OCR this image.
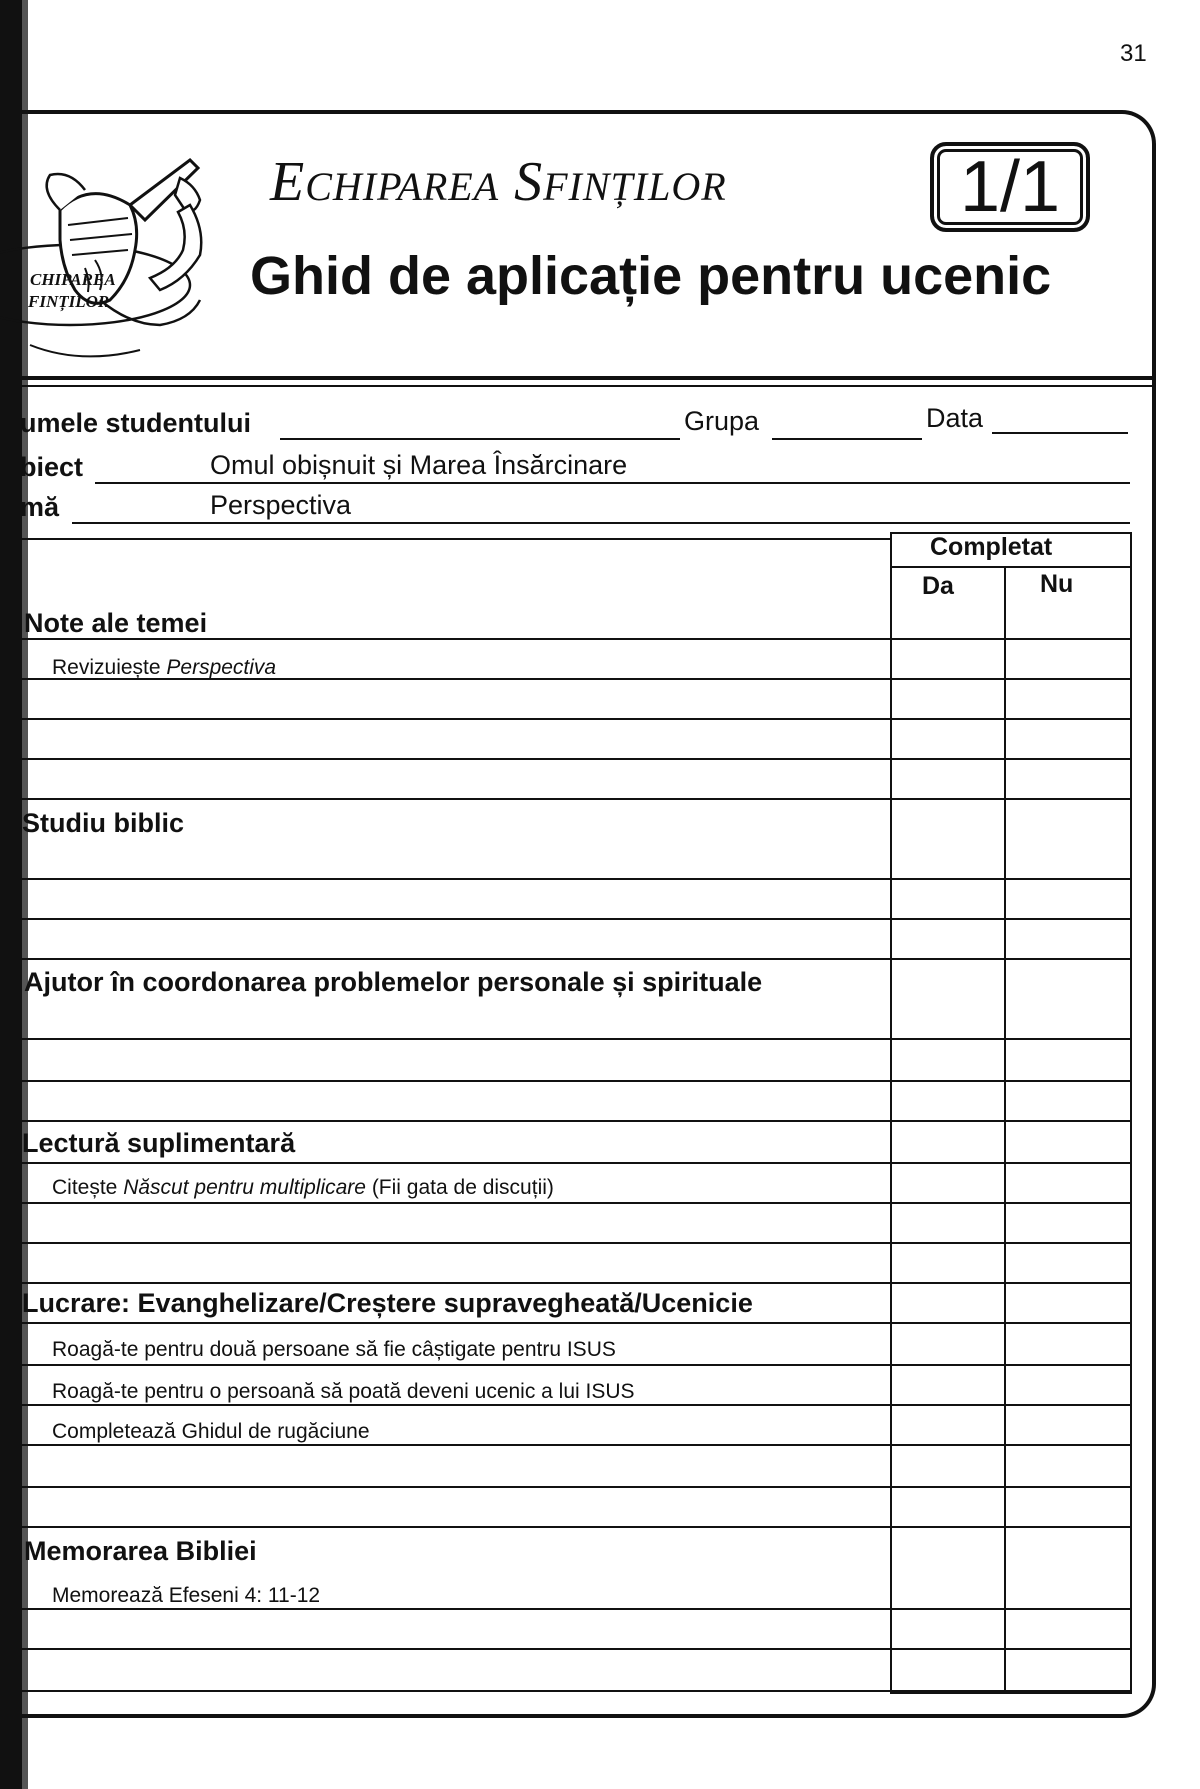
31
CHIPAREA
FINȚILOR
ECHIPAREA SFINȚILOR	1/1
Ghid de aplicație pentru ucenic
umele studentului	Grupa	Data
biect	Omul obișnuit și Marea Însărcinare
mă	Perspectiva
Completat
Da	Nu
Note ale temei
Revizuiește Perspectiva
Studiu biblic
Ajutor în coordonarea problemelor personale și spirituale
Lectură suplimentară
Citește Născut pentru multiplicare (Fii gata de discuții)
Lucrare: Evanghelizare/Creștere supravegheată/Ucenicie
Roagă-te pentru două persoane să fie câștigate pentru ISUS
Roagă-te pentru o persoană să poată deveni ucenic a lui ISUS
Completează Ghidul de rugăciune
Memorarea Bibliei
Memorează Efeseni 4: 11-12
